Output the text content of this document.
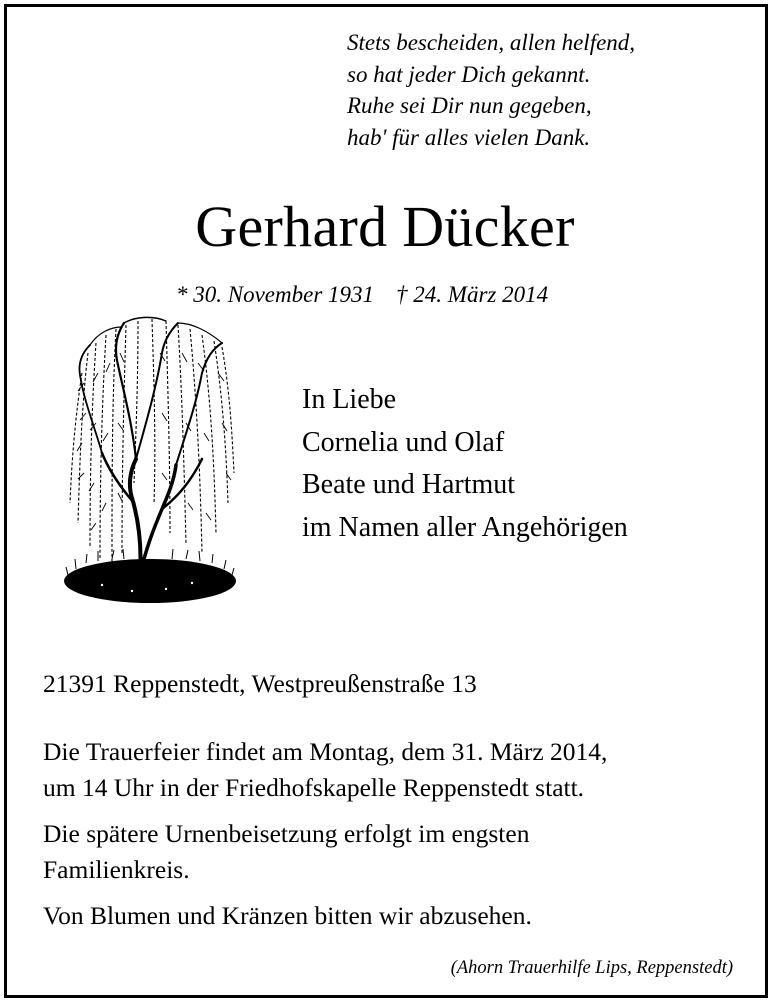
Stets bescheiden, allen helfend,
so hat jeder Dich gekannt.
Ruhe sei Dir nun gegeben,
hab' für alles vielen Dank.
Gerhard Dücker
* 30. November 1931 † 24. März 2014
In Liebe
Cornelia und Olaf
Beate und Hartmut
im Namen aller Angehörigen
21391 Reppenstedt, Westpreußenstraße 13
Die Trauerfeier findet am Montag, dem 31. März 2014,
um 14 Uhr in der Friedhofskapelle Reppenstedt statt.
Die spätere Urnenbeisetzung erfolgt im engsten
Familienkreis.
Von Blumen und Kränzen bitten wir abzusehen.
(Ahorn Trauerhilfe Lips, Reppenstedt)
